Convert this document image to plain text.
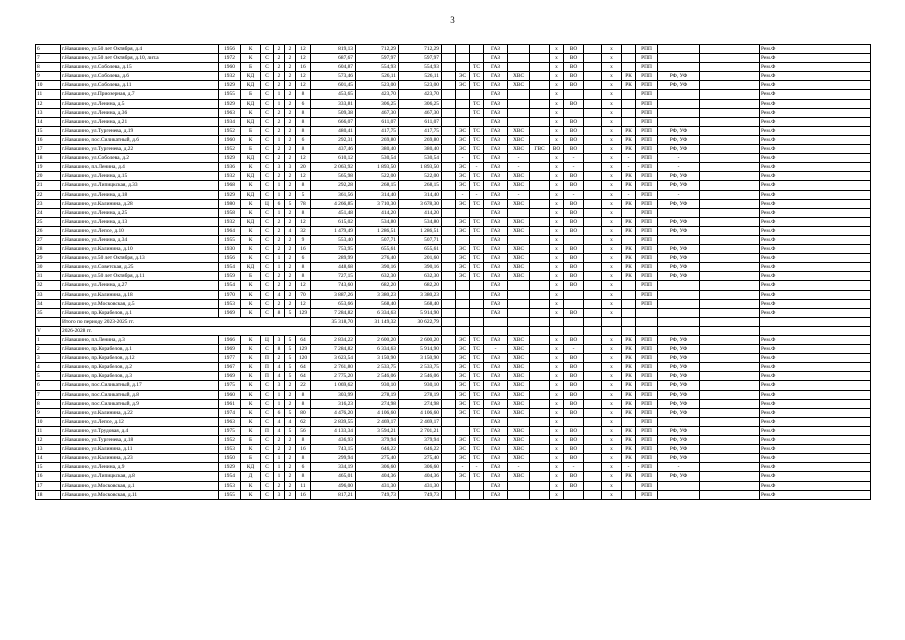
3
6	г.Навашино, ул.50 лет Октября, д.4	1956	К	С	2	2	12	819,13	712,29	712,29				ГАЗ			х	ВО		х		РПП			Рем.Ф
7	г.Навашино, ул.50 лет Октября, д.10, лит.а	1972	К	С	2	2	12	687,67	597,97	597,97				ГАЗ			х	ВО		х		РПП			Рем.Ф
8	г.Навашино, ул.Соболева, д.15	1960	Б	С	2	2	16	604,87	554,93	554,93			ТС	ГАЗ			х	ВО		х		РПП			Рем.Ф
9	г.Навашино, ул.Соболева, д.6	1932	КД	С	2	2	12	573,46	526,11	526,11		ЭС	ТС	ГАЗ	ХВС		х	ВО		х	РК	РПП	РФ, УФ		Рем.Ф
10	г.Навашино, ул.Соболева, д.11	1929	КД	С	2	2	12	601,45	523,00	523,00		ЭС	ТС	ГАЗ	ХВС		х	ВО		х	РК	РПП	РФ, УФ		Рем.Ф
11	г.Навашино, ул.Приозерная, д.7	1955	Б	С	1	2	8	453,65	423,70	423,70				ГАЗ			х			х		РПП			Рем.Ф
12	г.Навашино, ул.Ленина, д.5	1929	КД	С	1	2	6	333,81	306,25	306,25			ТС	ГАЗ			х	ВО		х		РПП			Рем.Ф
13	г.Навашино, ул.Ленина, д.36	1963	К	С	2	2	8	509,38	467,30	467,30			ТС	ГАЗ			х			х		РПП			Рем.Ф
14	г.Навашино, ул.Ленина, д.21	1934	КД	С	2	2	8	666,07	611,07	611,07				ГАЗ			х	ВО		х		РПП			Рем.Ф
15	г.Навашино, ул.Тургенева, д.19	1952	Б	С	2	2	8	480,41	417,75	417,75		ЭС	ТС	ГАЗ	ХВС		х	ВО		х	РК	РПП	РФ, УФ		Рем.Ф
16	г.Навашино, пос.Силикатный, д.6	1960	К	С	1	2	6	292,31	269,80	269,80		ЭС	ТС	ГАЗ	ХВС		х	ВО		х	РК	РПП	РФ, УФ		Рем.Ф
17	г.Навашино, ул.Тургенева, д.22	1952	Б	С	2	2	8	437,46	380,40	380,40		ЭС	ТС	ГАЗ	ХВС	ГВС	ВО	ВО		х	РК	РПП	РФ, УФ		Рем.Ф
18	г.Навашино, ул.Соболева, д.2	1929	КД	С	2	2	12	610,12	530,54	530,54		-	ТС	ГАЗ	-		х	-		х	-	РПП	-		Рем.Ф
19	г.Навашино, пл.Ленина, д.4	1936	К	С	3	3	20	2 063,92	1 893,50	1 893,50		ЭС	-	ГАЗ	-		х	-		х	-	РПП	-		Рем.Ф
20	г.Навашино, ул.Ленина, д.15	1932	КД	С	2	2	12	565,98	522,00	522,00		ЭС	ТС	ГАЗ	ХВС		х	ВО		х	РК	РПП	РФ, УФ		Рем.Ф
21	г.Навашино, ул.Липицкская, д.33	1968	К	С	1	2	8	292,28	268,15	268,15		ЭС	ТС	ГАЗ	ХВС		х	ВО		х	РК	РПП	РФ, УФ		Рем.Ф
22	г.Навашино, ул.Ленина, д.18	1929	КД	С	1	2	5	361,56	314,40	314,40		-	-	ГАЗ	-		х	-		х	-	РПП	-		Рем.Ф
23	г.Навашино, ул.Калинина, д.28	1980	К	Ц	6	5	78	4 266,85	3 710,30	3 678,30		ЭС	ТС	ГАЗ	ХВС		х	ВО		х	РК	РПП	РФ, УФ		Рем.Ф
24	г.Навашино, ул.Ленина, д.25	1958	К	С	1	2	8	451,48	414,20	414,20				ГАЗ			х	ВО		х		РПП			Рем.Ф
25	г.Навашино, ул.Ленина, д.13	1932	КД	С	2	2	12	615,02	534,80	534,80		ЭС	ТС	ГАЗ	ХВС		х	ВО		х	РК	РПП	РФ, УФ		Рем.Ф
26	г.Навашино, ул.Лепсе, д.10	1964	К	С	2	4	32	1 479,49	1 286,51	1 286,51		ЭС	ТС	ГАЗ	ХВС		х	ВО		х	РК	РПП	РФ, УФ		Рем.Ф
27	г.Навашино, ул.Ленина, д.34	1955	К	С	2	2	9	553,40	507,71	507,71				ГАЗ			х			х		РПП			Рем.Ф
28	г.Навашино, ул.Калинина, д.10	1930	К	С	2	2	16	753,95	655,61	655,61		ЭС	ТС	ГАЗ	ХВС		х	ВО		х	РК	РПП	РФ, УФ		Рем.Ф
29	г.Навашино, ул.50 лет Октября, д.13	1956	К	С	1	2	6	289,99	276,40	201,60		ЭС	ТС	ГАЗ	ХВС		х	ВО		х	РК	РПП	РФ, УФ		Рем.Ф
30	г.Навашино, ул.Советская, д.25	1954	КД	С	1	2	8	448,68	390,16	390,16		ЭС	ТС	ГАЗ	ХВС		х	ВО		х	РК	РПП	РФ, УФ		Рем.Ф
31	г.Навашино, ул.50 лет Октября, д.11	1959	Б	С	2	2	8	727,15	632,30	632,30		ЭС	ТС	ГАЗ	ХВС		х	ВО		х	РК	РПП	РФ, УФ		Рем.Ф
32	г.Навашино, ул.Ленина, д.27	1954	К	С	2	2	12	743,60	682,20	682,20				ГАЗ			х	ВО		х		РПП			Рем.Ф
33	г.Навашино, ул.Калинина, д.18	1970	К	С	4	2	70	3 887,26	3 380,23	3 380,23				ГАЗ			х			х		РПП			Рем.Ф
34	г.Навашино, ул.Московская, д.5	1953	К	С	2	2	12	653,66	568,40	568,40				ГАЗ			х			х		РПП			Рем.Ф
35	г.Навашино, пр.Корабелов, д.1	1969	К	С	8	5	129	7 284,82	6 334,63	5 914,90				ГАЗ			х	ВО		х					Рем.Ф
	Итого по периоду 2023-2025 гг.							35 318,70	31 149,32	30 622,79															
V	2026-2028 гг.																								
1	г.Навашино, пл.Ленина, д.3	1966	К	Ц	3	5	64	2 834,22	2 600,20	2 600,20		ЭС	ТС	ГАЗ	ХВС		х	ВО		х	РК	РПП	РФ, УФ		Рем.Ф
2	г.Навашино, пр.Корабелов, д.1	1969	К	С	8	5	129	7 284,82	6 334,63	5 914,90		ЭС	ТС	-	ХВС		х	-		х	РК	РПП	РФ, УФ		Рем.Ф
3	г.Навашино, пр.Корабелов, д.12	1977	К	П	2	5	120	3 623,54	3 150,90	3 150,90		ЭС	ТС	ГАЗ	ХВС		х	ВО		х	РК	РПП	РФ, УФ		Рем.Ф
4	г.Навашино, пр.Корабелов, д.2	1967	К	П	4	5	64	2 761,80	2 533,75	2 533,75		ЭС	ТС	ГАЗ	ХВС		х	ВО		х	РК	РПП	РФ, УФ		Рем.Ф
5	г.Навашино, пр.Корабелов, д.3	1969	К	П	4	5	64	2 775,20	2 546,06	2 546,06		ЭС	ТС	ГАЗ	ХВС		х	ВО		х	РК	РПП	РФ, УФ		Рем.Ф
6	г.Навашино, пос.Силикатный, д.17	1975	К	С	3	2	22	1 069,62	930,10	930,10		ЭС	ТС	ГАЗ	ХВС		х	ВО		х	РК	РПП	РФ, УФ		Рем.Ф
7	г.Навашино, пос.Силикатный, д.8	1960	К	С	1	2	8	303,99	278,19	278,19		ЭС	ТС	ГАЗ	ХВС		х	ВО		х	РК	РПП	РФ, УФ		Рем.Ф
8	г.Навашино, пос.Силикатный, д.9	1961	К	С	1	2	8	316,23	274,98	274,98		ЭС	ТС	ГАЗ	ХВС		х	ВО		х	РК	РПП	РФ, УФ		Рем.Ф
9	г.Навашино, ул.Калинина, д.22	1974	К	С	6	5	80	4 476,20	4 106,60	4 106,60		ЭС	ТС	ГАЗ	ХВС		х	ВО		х	РК	РПП	РФ, УФ		Рем.Ф
10	г.Навашино, ул.Лепсе, д.12	1963	К	С	4	4	62	2 839,55	2 469,17	2 469,17				ГАЗ			х			х		РПП			Рем.Ф
11	г.Навашино, ул.Трудовая, д.4	1975	К	П	4	5	56	4 133,34	3 594,21	2 701,21			ТС	ГАЗ	ХВС		х	ВО		х	РК	РПП	РФ, УФ		Рем.Ф
12	г.Навашино, ул.Тургенева, д.18	1952	Б	С	2	2	8	436,93	379,94	379,94		ЭС	ТС	ГАЗ	ХВС		х	ВО		х	РК	РПП	РФ, УФ		Рем.Ф
13	г.Навашино, ул.Калинина, д.11	1953	К	С	2	2	16	743,15	646,22	646,22		ЭС	ТС	ГАЗ	ХВС		х	ВО		х	РК	РПП	РФ, УФ		Рем.Ф
14	г.Навашино, ул.Калинина, д.23	1950	Б	С	1	2	8	299,94	275,40	275,40		ЭС	ТС	ГАЗ	ХВС		х	ВО		х	РК	РПП	РФ, УФ		Рем.Ф
15	г.Навашино, ул.Ленина, д.9	1929	КД	С	1	2	6	334,19	306,60	306,60		-	-	ГАЗ	-		х	-		х	-	РПП	-		Рем.Ф
16	г.Навашино, ул.Липицкская, д.8	1954	Д	С	1	2	8	465,01	404,36	404,36		ЭС	ТС	ГАЗ	ХВС		х	ВО		х	РК	РПП	РФ, УФ		Рем.Ф
17	г.Навашино, ул.Московская, д.1	1953	К	С	2	2	11	496,00	431,30	431,30				ГАЗ			х	ВО		х		РПП			Рем.Ф
18	г.Навашино, ул.Московская, д.11	1955	К	С	3	2	16	817,21	749,73	749,73				ГАЗ			х			х		РПП			Рем.Ф
